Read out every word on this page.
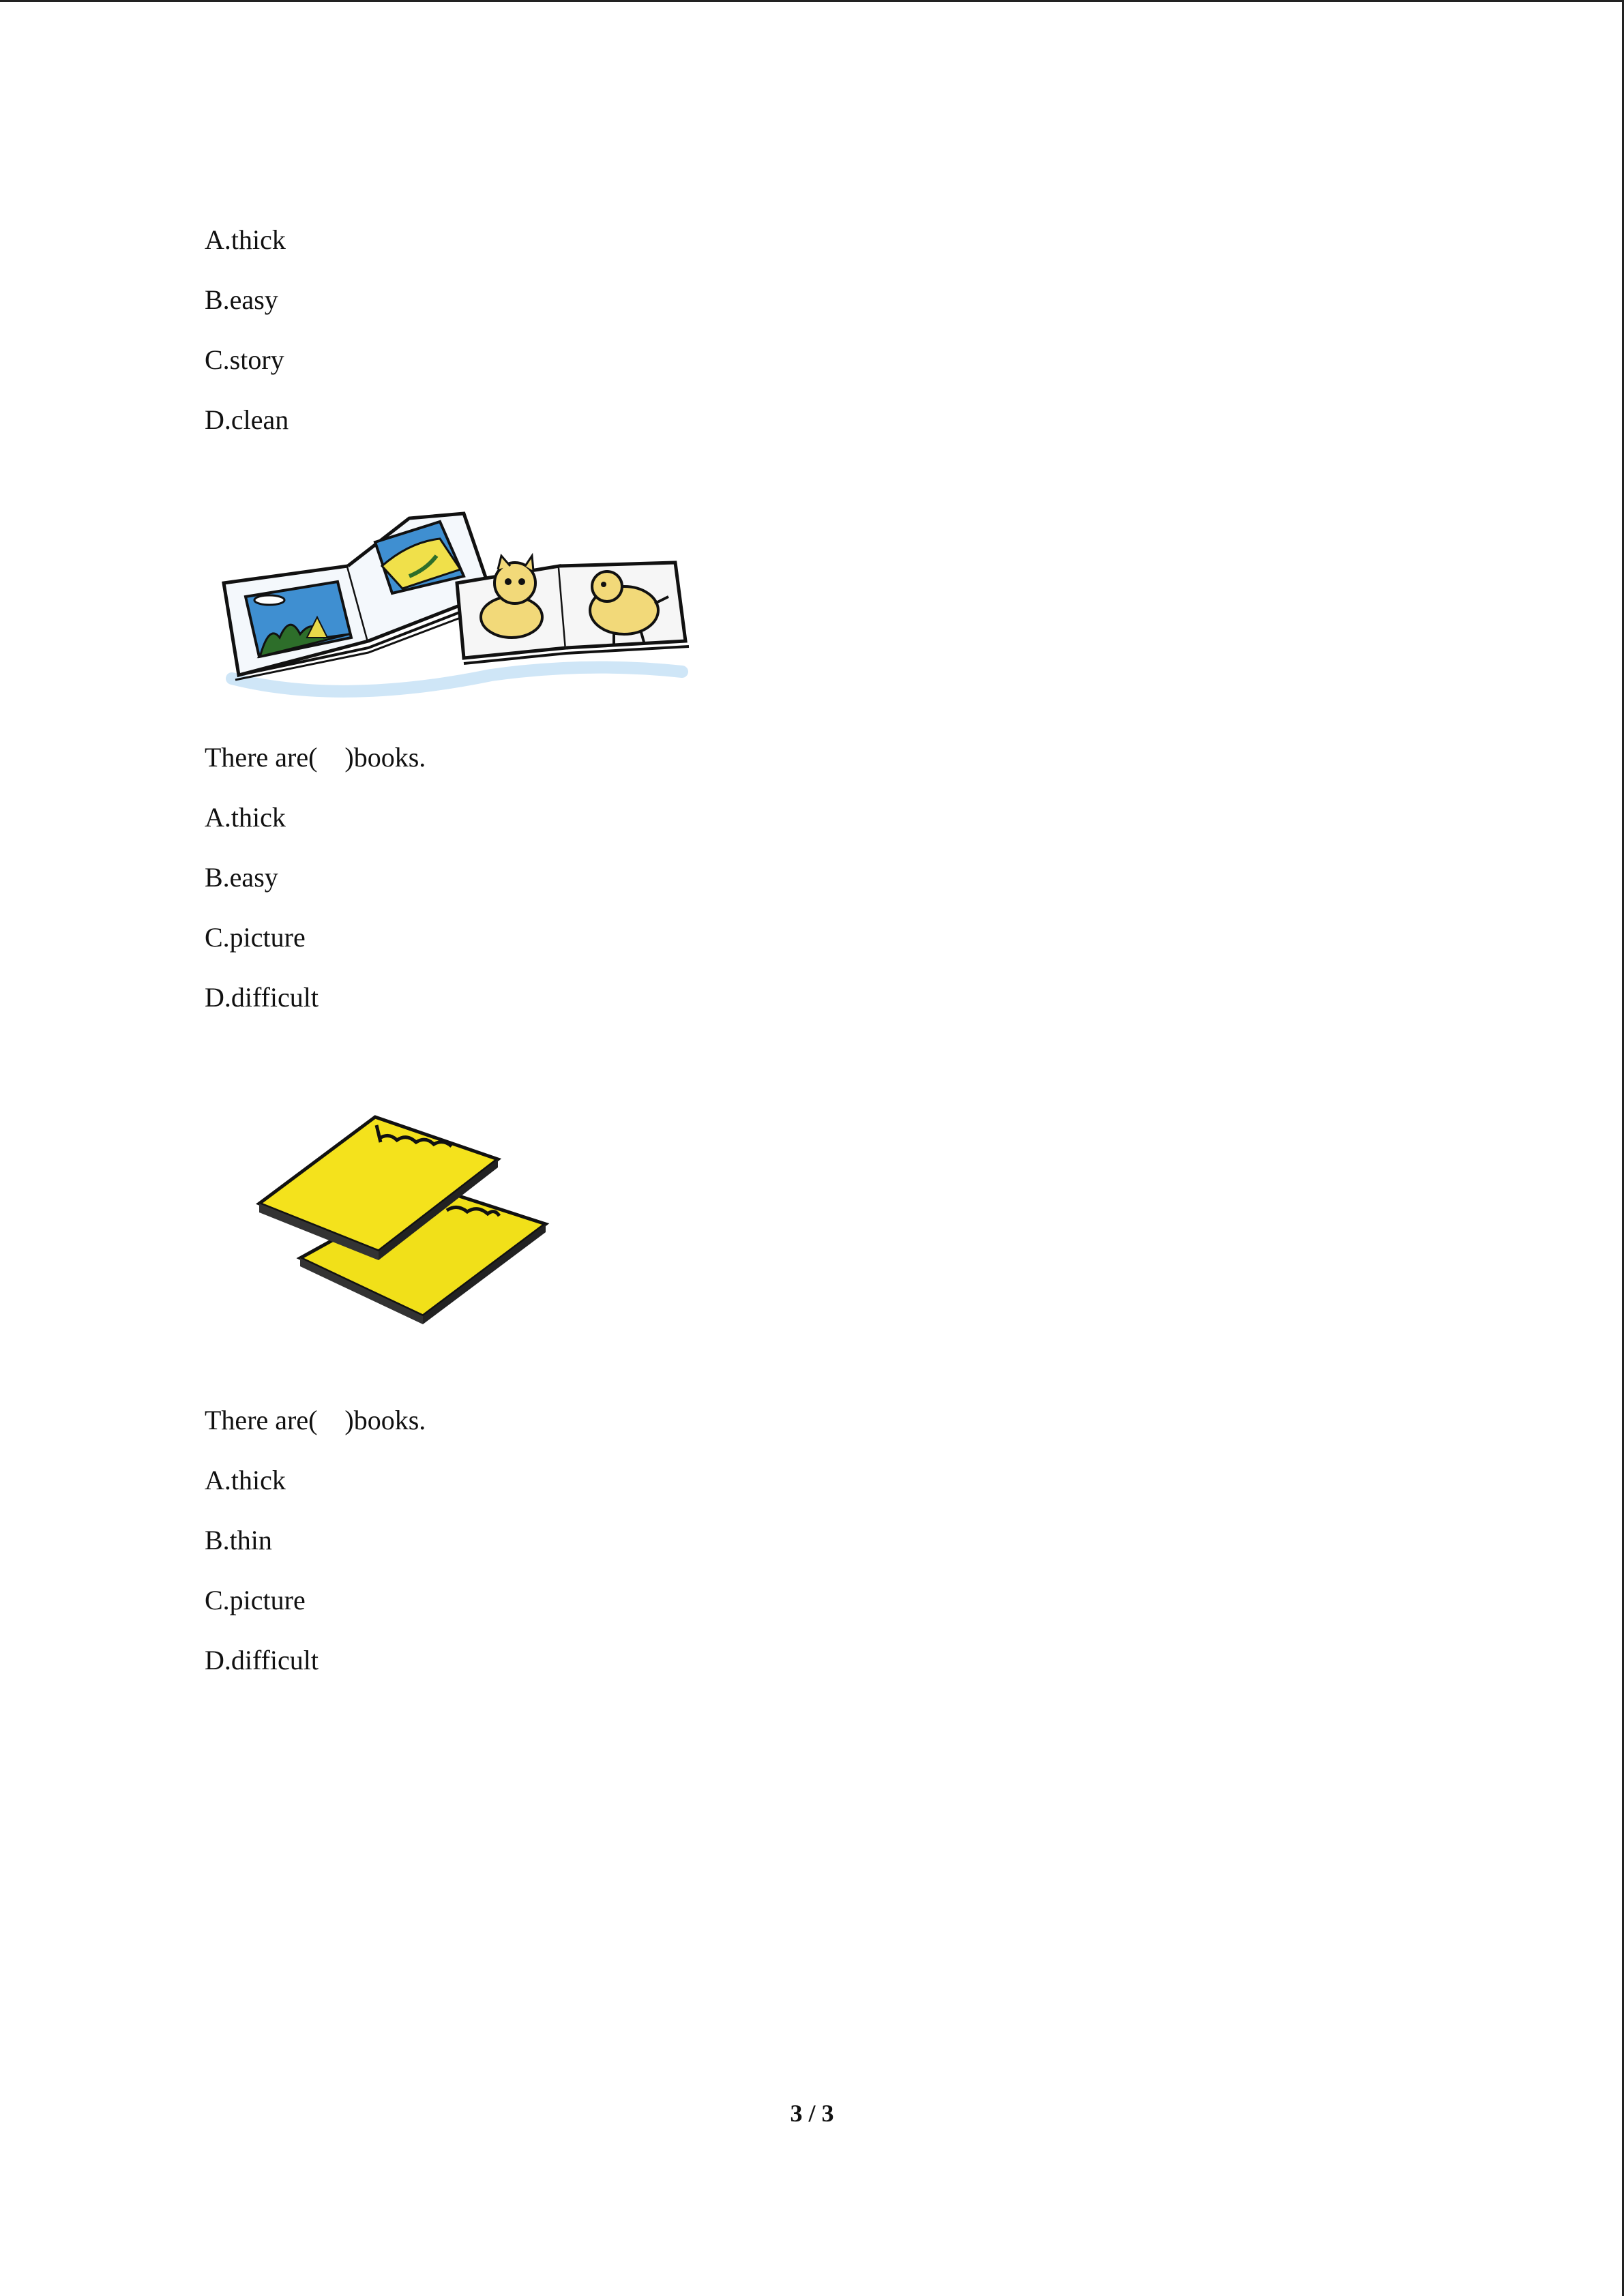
A.thick
B.easy
C.story
D.clean
There are(    )books.
A.thick
B.easy
C.picture
D.difficult
There are(    )books.
A.thick
B.thin
C.picture
D.difficult
3 / 3
